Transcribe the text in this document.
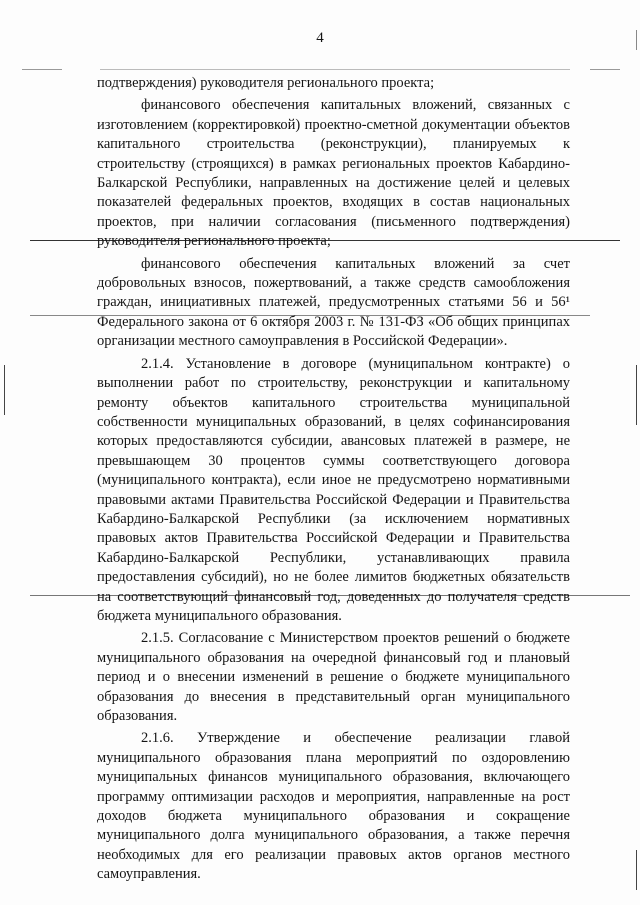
4

подтверждения) руководителя регионального проекта;

финансового обеспечения капитальных вложений, связанных с изготовлением (корректировкой) проектно-сметной документации объектов капитального строительства (реконструкции), планируемых к строительству (строящихся) в рамках региональных проектов Кабардино-Балкарской Республики, направленных на достижение целей и целевых показателей федеральных проектов, входящих в состав национальных проектов, при наличии согласования (письменного подтверждения) руководителя регионального проекта;

финансового обеспечения капитальных вложений за счет добровольных взносов, пожертвований, а также средств самообложения граждан, инициативных платежей, предусмотренных статьями 56 и 56¹ Федерального закона от 6 октября 2003 г. № 131-ФЗ «Об общих принципах организации местного самоуправления в Российской Федерации».

2.1.4. Установление в договоре (муниципальном контракте) о выполнении работ по строительству, реконструкции и капитальному ремонту объектов капитального строительства муниципальной собственности муниципальных образований, в целях софинансирования которых предоставляются субсидии, авансовых платежей в размере, не превышающем 30 процентов суммы соответствующего договора (муниципального контракта), если иное не предусмотрено нормативными правовыми актами Правительства Российской Федерации и Правительства Кабардино-Балкарской Республики (за исключением нормативных правовых актов Правительства Российской Федерации и Правительства Кабардино-Балкарской Республики, устанавливающих правила предоставления субсидий), но не более лимитов бюджетных обязательств на соответствующий финансовый год, доведенных до получателя средств бюджета муниципального образования.

2.1.5. Согласование с Министерством проектов решений о бюджете муниципального образования на очередной финансовый год и плановый период и о внесении изменений в решение о бюджете муниципального образования до внесения в представительный орган муниципального образования.

2.1.6. Утверждение и обеспечение реализации главой муниципального образования плана мероприятий по оздоровлению муниципальных финансов муниципального образования, включающего программу оптимизации расходов и мероприятия, направленные на рост доходов бюджета муниципального образования и сокращение муниципального долга муниципального образования, а также перечня необходимых для его реализации правовых актов органов местного самоуправления.
